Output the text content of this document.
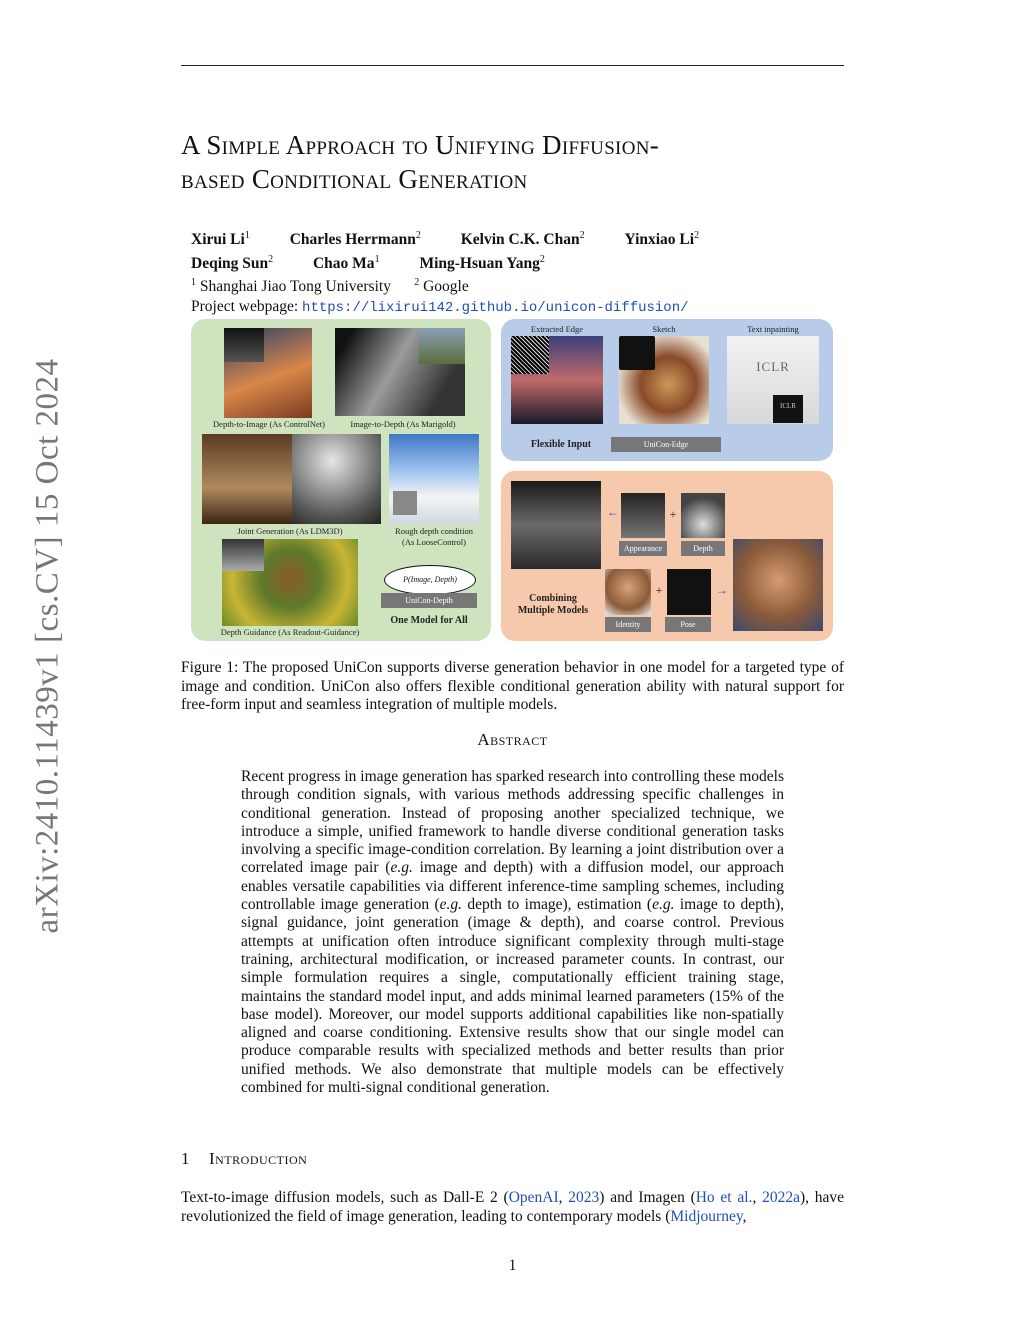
arXiv:2410.11439v1 [cs.CV] 15 Oct 2024
A Simple Approach to Unifying Diffusion-
based Conditional Generation
Xirui Li$^1$	Charles Herrmann$^2$	Kelvin C.K. Chan$^2$	Yinxiao Li$^2$
Deqing Sun$^2$	Chao Ma$^1$	Ming-Hsuan Yang$^2$
$^1$ Shanghai Jiao Tong University $^2$ Google
Project webpage: https://lixirui142.github.io/unicon-diffusion/
Depth-to-Image (As ControlNet)	Image-to-Depth (As Marigold)
Joint Generation (As LDM3D)	Rough depth condition
(As LooseControl)
Depth Guidance (As Readout-Guidance)
P(Image, Depth)
UniCon-Depth
One Model for All
Extracted Edge	Sketch	Text inpainting
ICLR
ICLR
Flexible Input	UniCon-Edge
←	+
Appearance	Depth
+
Identity	Pose
→
Combining
Multiple Models
Figure 1: The proposed UniCon supports diverse generation behavior in one model for a targeted type of image and condition. UniCon also offers flexible conditional generation ability with natural support for free-form input and seamless integration of multiple models.
Abstract
Recent progress in image generation has sparked research into controlling these models through condition signals, with various methods addressing specific challenges in conditional generation. Instead of proposing another specialized technique, we introduce a simple, unified framework to handle diverse conditional generation tasks involving a specific image-condition correlation. By learning a joint distribution over a correlated image pair (e.g. image and depth) with a diffusion model, our approach enables versatile capabilities via different inference-time sampling schemes, including controllable image generation (e.g. depth to image), estimation (e.g. image to depth), signal guidance, joint generation (image & depth), and coarse control. Previous attempts at unification often introduce significant complexity through multi-stage training, architectural modification, or increased parameter counts. In contrast, our simple formulation requires a single, computationally efficient training stage, maintains the standard model input, and adds minimal learned parameters (15% of the base model). Moreover, our model supports additional capabilities like non-spatially aligned and coarse conditioning. Extensive results show that our single model can produce comparable results with specialized methods and better results than prior unified methods. We also demonstrate that multiple models can be effectively combined for multi-signal conditional generation.
1 Introduction
Text-to-image diffusion models, such as Dall-E 2 (OpenAI, 2023) and Imagen (Ho et al., 2022a), have revolutionized the field of image generation, leading to contemporary models (Midjourney,
1
